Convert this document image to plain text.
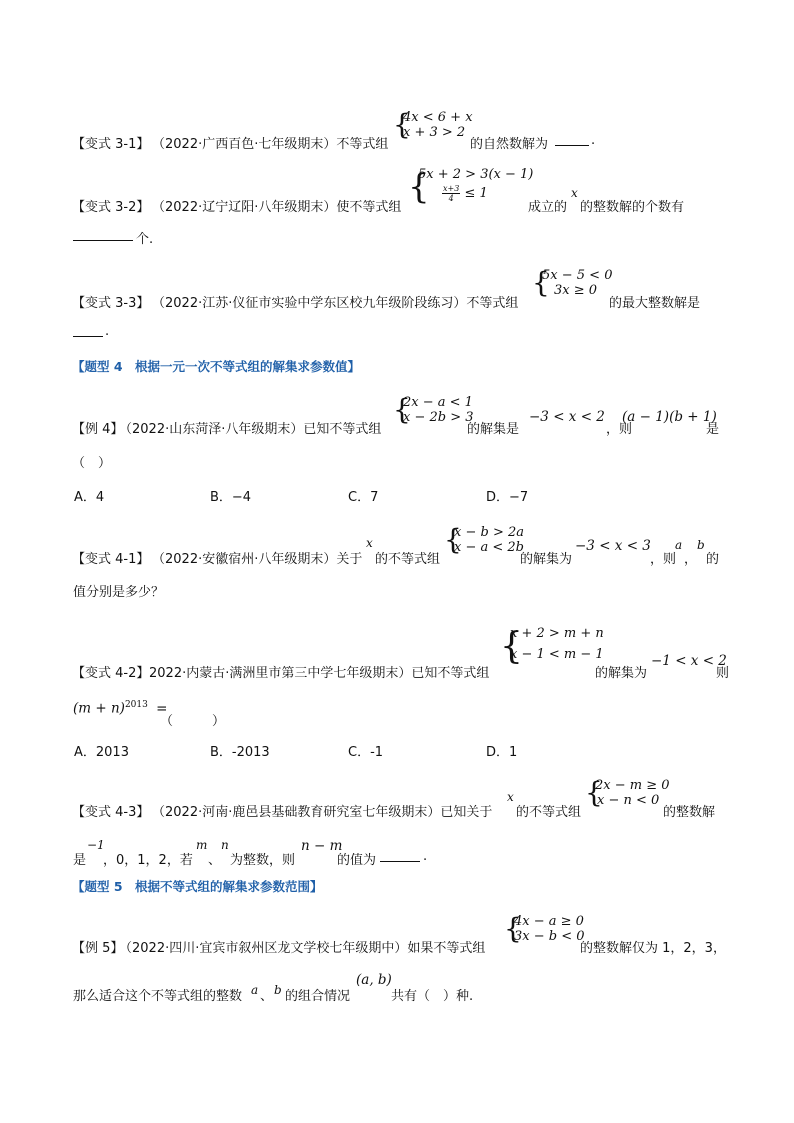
【变式 3-1】 （2022·广西百色·七年级期末）不等式组
{
4x < 6 + x
x + 3 > 2
的自然数解为	.
【变式 3-2】 （2022·辽宁辽阳·八年级期末）使不等式组
{
5x + 2 > 3(x − 1)
$\frac{x+3}{4} \le 1$
成立的
x
的整数解的个数有
个.
【变式 3-3】 （2022·江苏·仪征市实验中学东区校九年级阶段练习）不等式组
{
5x − 5 < 0
3x ≥ 0
的最大整数解是
.
【题型 4　根据一元一次不等式组的解集求参数值】
【例 4】
（2022·山东菏泽·八年级期末）已知不等式组
{
2x − a < 1
x − 2b > 3
的解集是
−3 < x < 2
，则
(a − 1)(b + 1)
是
（　）
A．4	B．−4	C．7	D．−7
【变式 4-1】 （2022·安徽宿州·八年级期末）关于
x
的不等式组
{
x − b > 2a
x − a < 2b
的解集为
−3 < x < 3
，则
a
，
b
的
值分别是多少？
【变式 4-2】 2022·内蒙古·满洲里市第三中学七年级期末）已知不等式组
{
x + 2 > m + n
x − 1 < m − 1
的解集为
−1 < x < 2
则
$(m + n)^{2013}$ =
（　　　）
A．2013	B．-2013	C．-1	D．1
【变式 4-3】 （2022·河南·鹿邑县基础教育研究室七年级期末）已知关于
x
的不等式组
{
2x − m ≥ 0
x − n < 0
的整数解
是
−1
，0，1，2，若
m
、
n
为整数，则
n − m
的值为	.
【题型 5　根据不等式组的解集求参数范围】
【例 5】
（2022·四川·宜宾市叙州区龙文学校七年级期中）如果不等式组
{
4x − a ≥ 0
3x − b < 0
的整数解仅为 1，2，3，
那么适合这个不等式组的整数 a 、 b 的组合情况
(a, b)
共有（　）种.
